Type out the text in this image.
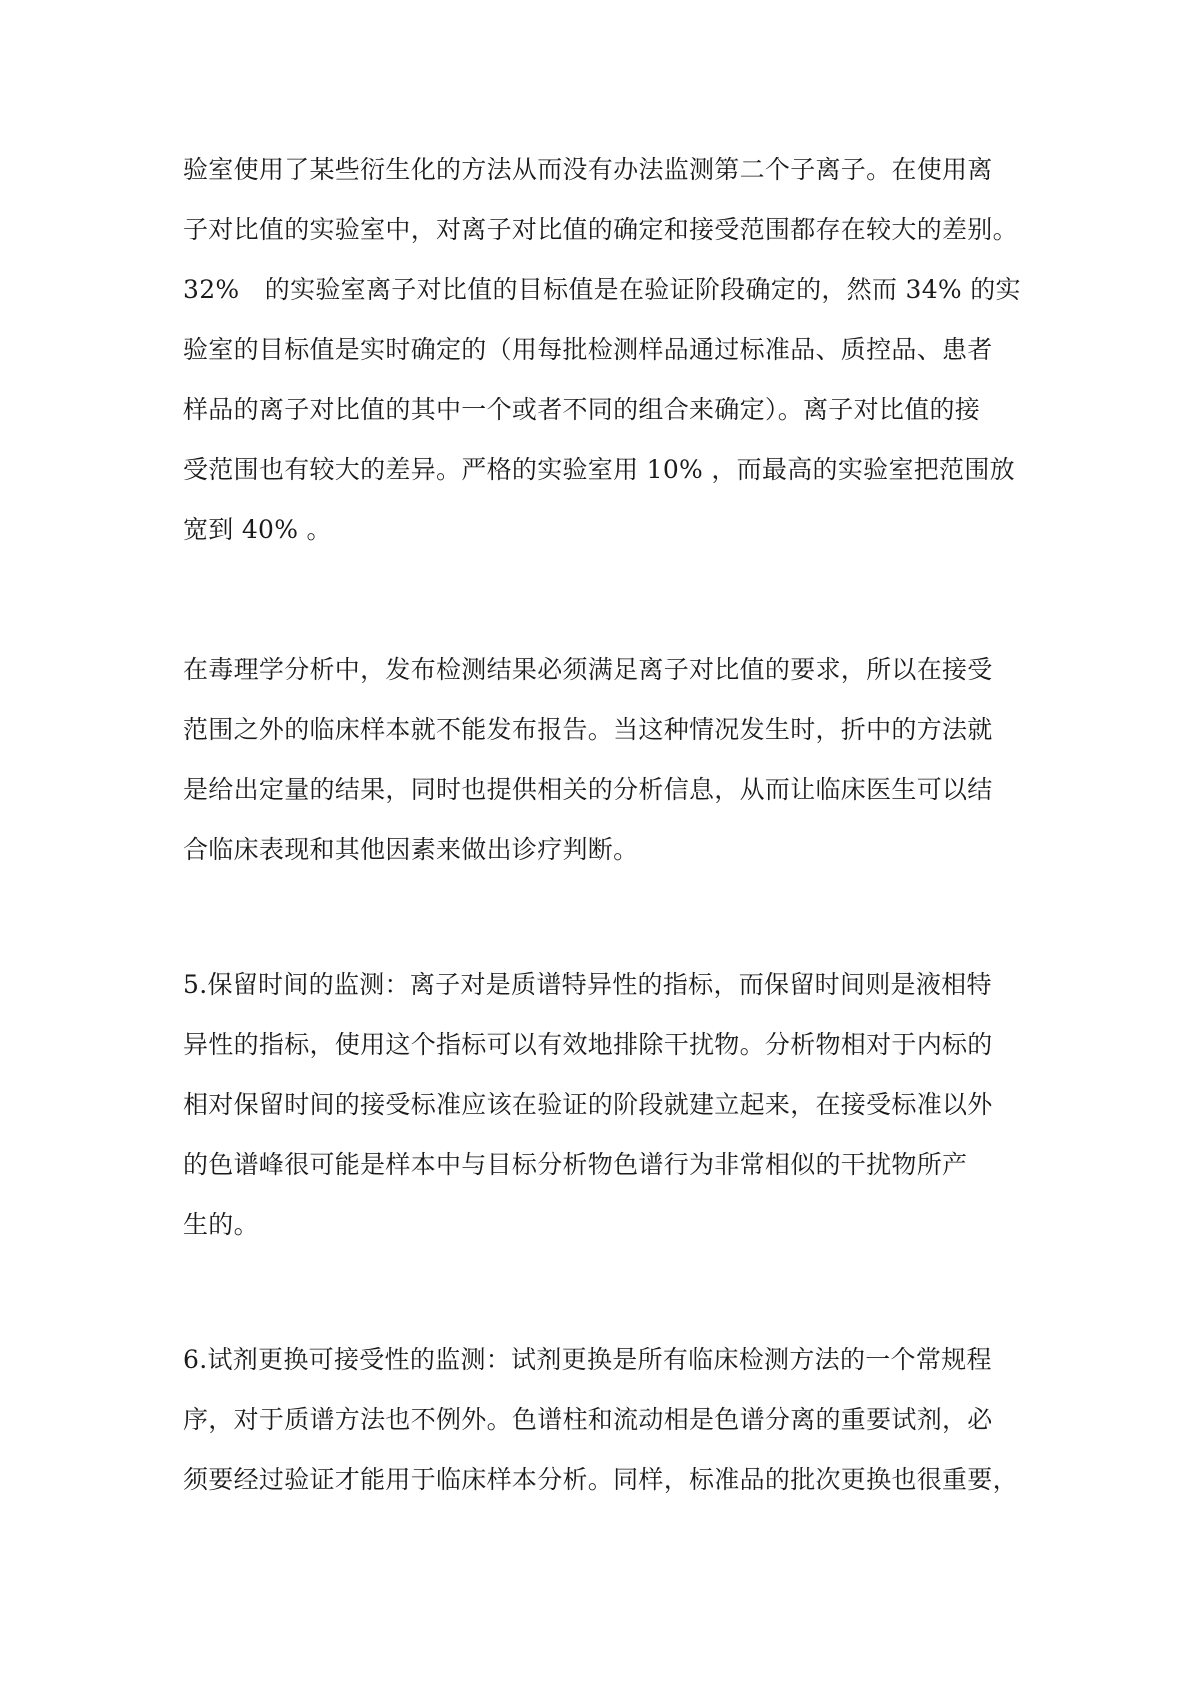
验室使用了某些衍生化的方法从而没有办法监测第二个子离子。在使用离
子对比值的实验室中，对离子对比值的确定和接受范围都存在较大的差别。
32%　的实验室离子对比值的目标值是在验证阶段确定的，然而 34% 的实
验室的目标值是实时确定的（用每批检测样品通过标准品、质控品、患者
样品的离子对比值的其中一个或者不同的组合来确定）。离子对比值的接
受范围也有较大的差异。严格的实验室用 10% ，而最高的实验室把范围放
宽到 40% 。
在毒理学分析中，发布检测结果必须满足离子对比值的要求，所以在接受
范围之外的临床样本就不能发布报告。当这种情况发生时，折中的方法就
是给出定量的结果，同时也提供相关的分析信息，从而让临床医生可以结
合临床表现和其他因素来做出诊疗判断。
5.保留时间的监测：离子对是质谱特异性的指标，而保留时间则是液相特
异性的指标，使用这个指标可以有效地排除干扰物。分析物相对于内标的
相对保留时间的接受标准应该在验证的阶段就建立起来，在接受标准以外
的色谱峰很可能是样本中与目标分析物色谱行为非常相似的干扰物所产
生的。
6.试剂更换可接受性的监测：试剂更换是所有临床检测方法的一个常规程
序，对于质谱方法也不例外。色谱柱和流动相是色谱分离的重要试剂，必
须要经过验证才能用于临床样本分析。同样，标准品的批次更换也很重要，
